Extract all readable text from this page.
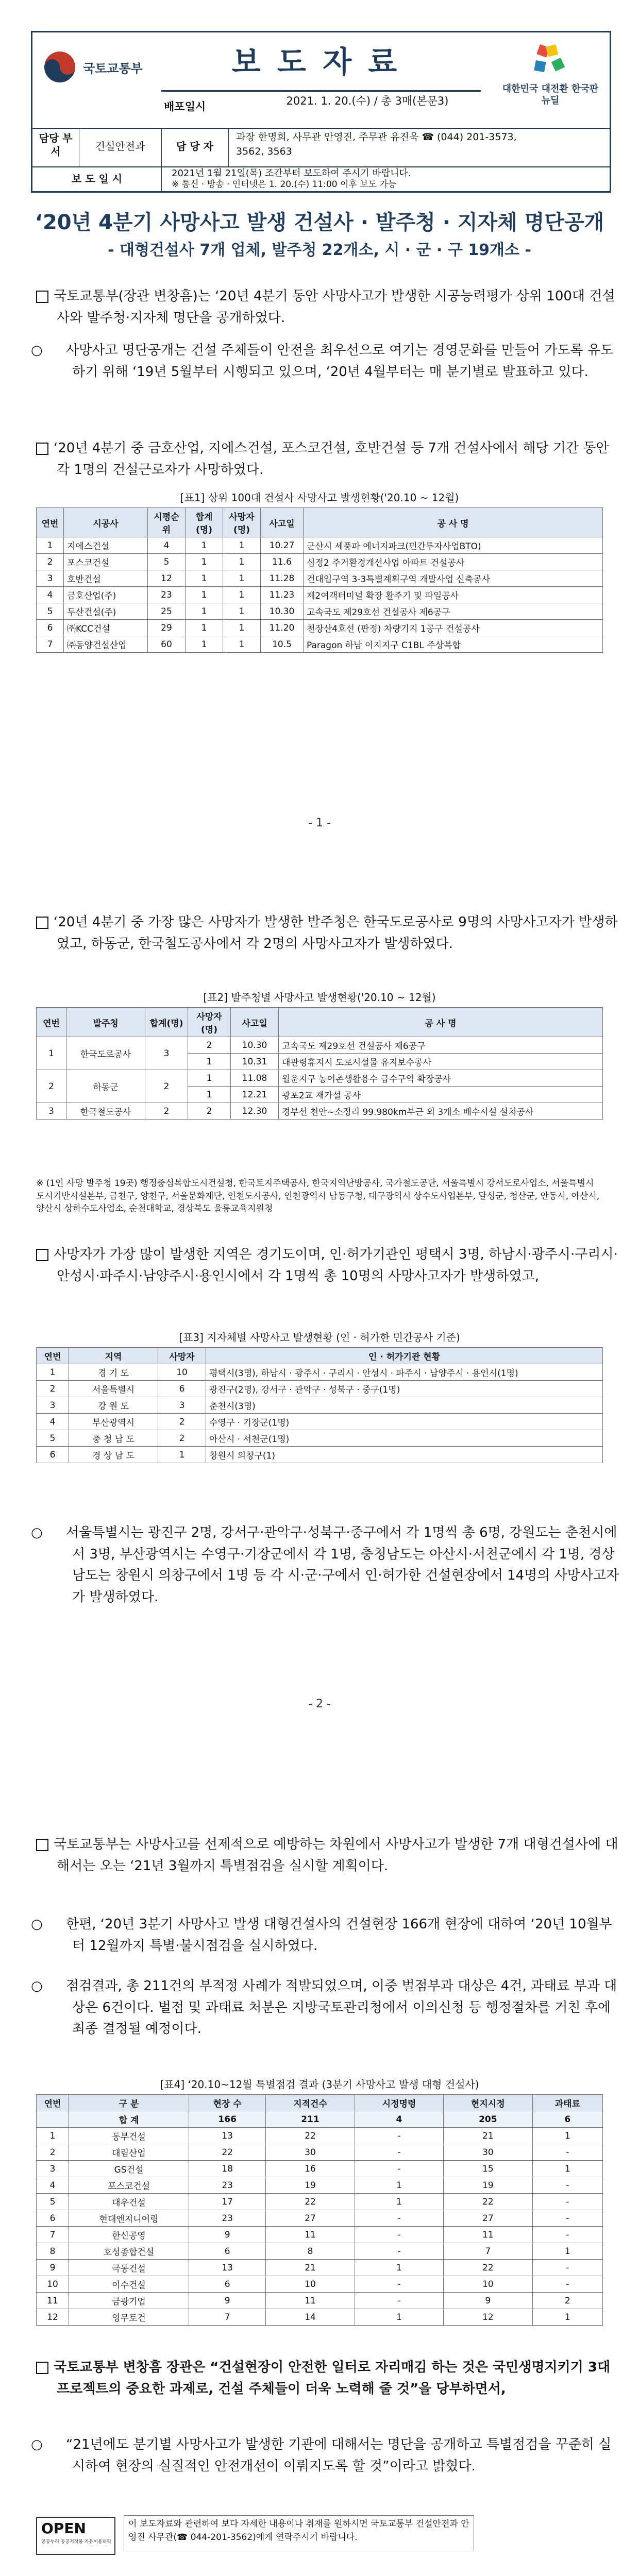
국토교통부	보 도 자 료
배포일시	2021. 1. 20.(수) / 총 3매(본문3)
대한민국 대전환 한국판뉴딜
담당 부서	건설안전과	담 당 자
과장 한명희, 사무관 안영진, 주무관 유진욱 ☎ (044) 201-3573, 3562, 3563
보 도 일 시	2021년 1월 21일(목) 조간부터 보도하여 주시기 바랍니다.
※ 통신 · 방송 · 인터넷은 1. 20.(수) 11:00 이후 보도 가능
‘20년 4분기 사망사고 발생 건설사 · 발주청 · 지자체 명단공개
- 대형건설사 7개 업체, 발주청 22개소, 시 · 군 · 구 19개소 -
국토교통부(장관 변창흠)는 ‘20년 4분기 동안 사망사고가 발생한 시공능력평가 상위 100대 건설사와 발주청·지자체 명단을 공개하였다.
○ 사망사고 명단공개는 건설 주체들이 안전을 최우선으로 여기는 경영문화를 만들어 가도록 유도하기 위해 ‘19년 5월부터 시행되고 있으며, ‘20년 4월부터는 매 분기별로 발표하고 있다.
‘20년 4분기 중 금호산업, 지에스건설, 포스코건설, 호반건설 등 7개 건설사에서 해당 기간 동안 각 1명의 건설근로자가 사망하였다.
[표1] 상위 100대 건설사 사망사고 발생현황('20.10 ~ 12월)
연번	시공사	시평순위	합계(명)	사망자(명)	사고일	공 사 명
1	지에스건설	4	1	1	10.27	군산시 세풍파 에너지파크(민간투자사업BTO)
2	포스코건설	5	1	1	11.6	심정2 주거환경개선사업 아파트 건설공사
3	호반건설	12	1	1	11.28	건대입구역 3-3특별계획구역 개발사업 신축공사
4	금호산업(주)	23	1	1	11.23	제2여객터미널 확장 활주기 및 파일공사
5	두산건설(주)	25	1	1	10.30	고속국도 제29호선 건설공사 제6공구
6	㈜KCC건설	29	1	1	11.20	천장산4호선 (판정) 차량기지 1공구 건설공사
7	㈜동양건설산업	60	1	1	10.5	Paragon 하남 이지지구 C1BL 주상복합
- 1 -
‘20년 4분기 중 가장 많은 사망자가 발생한 발주청은 한국도로공사로 9명의 사망사고자가 발생하였고, 하동군, 한국철도공사에서 각 2명의 사망사고자가 발생하였다.
[표2] 발주청별 사망사고 발생현황('20.10 ~ 12월)
연번	발주청	합계(명)	사망자(명)	사고일	공 사 명
1	한국도로공사	3	2	10.30	고속국도 제29호선 건설공사 제6공구
			1	10.31	대관령휴지시 도로시설물 유지보수공사
2	하동군	2	1	11.08	월운지구 농어촌생활용수 급수구역 확장공사
			1	12.21	광포2교 재가설 공사
3	한국철도공사	2	2	12.30	경부선 천안~소정리 99.980km부근 외 3개소 배수시설 설치공사
※ (1인 사망 발주청 19곳) 행정중심복합도시건설청, 한국토지주택공사, 한국지역난방공사, 국가철도공단, 서울특별시 강서도로사업소, 서울특별시 도시기반시설본부, 금천구, 양천구, 서울문화재단, 인천도시공사, 인천광역시 남동구청, 대구광역시 상수도사업본부, 달성군, 청산군, 안동시, 아산시, 양산시 상하수도사업소, 순천대학교, 경상북도 울릉교육지원청
사망자가 가장 많이 발생한 지역은 경기도이며, 인·허가기관인 평택시 3명, 하남시·광주시·구리시·안성시·파주시·남양주시·용인시에서 각 1명씩 총 10명의 사망사고자가 발생하였고,
[표3] 지자체별 사망사고 발생현황 (인 · 허가한 민간공사 기준)
연번	지역	사망자	인 · 허가기관 현황
1	경 기 도	10	평택시(3명), 하남시 · 광주시 · 구리시 · 안성시 · 파주시 · 남양주시 · 용인시(1명)
2	서울특별시	6	광진구(2명), 강서구 · 관악구 · 성북구 · 중구(1명)
3	강 원 도	3	춘천시(3명)
4	부산광역시	2	수영구 · 기장군(1명)
5	충 청 남 도	2	아산시 · 서천군(1명)
6	경 상 남 도	1	창원시 의창구(1)
○ 서울특별시는 광진구 2명, 강서구·관악구·성북구·중구에서 각 1명씩 총 6명, 강원도는 춘천시에서 3명, 부산광역시는 수영구·기장군에서 각 1명, 충청남도는 아산시·서천군에서 각 1명, 경상남도는 창원시 의창구에서 1명 등 각 시·군·구에서 인·허가한 건설현장에서 14명의 사망사고자가 발생하였다.
- 2 -
국토교통부는 사망사고를 선제적으로 예방하는 차원에서 사망사고가 발생한 7개 대형건설사에 대해서는 오는 ‘21년 3월까지 특별점검을 실시할 계획이다.
○ 한편, ‘20년 3분기 사망사고 발생 대형건설사의 건설현장 166개 현장에 대하여 ‘20년 10월부터 12월까지 특별·불시점검을 실시하였다.
○ 점검결과, 총 211건의 부적정 사례가 적발되었으며, 이중 벌점부과 대상은 4건, 과태료 부과 대상은 6건이다. 벌점 및 과태료 처분은 지방국토관리청에서 이의신청 등 행정절차를 거친 후에 최종 결정될 예정이다.
[표4] ‘20.10~12월 특별점검 결과 (3분기 사망사고 발생 대형 건설사)
연번	구 분	현장 수	지적건수	시정명령	현지시정	과태료
	합 계	166	211	4	205	6
1	동부건설	13	22	-	21	1
2	대림산업	22	30	-	30	-
3	GS건설	18	16	-	15	1
4	포스코건설	23	19	1	19	-
5	대우건설	17	22	1	22	-
6	현대엔지니어링	23	27	-	27	-
7	한신공영	9	11	-	11	-
8	호성종합건설	6	8	-	7	1
9	극동건설	13	21	1	22	-
10	이수건설	6	10	-	10	-
11	금광기업	9	11	-	9	2
12	영무토건	7	14	1	12	1
국토교통부 변창흠 장관은 “건설현장이 안전한 일터로 자리매김 하는 것은 국민생명지키기 3대 프로젝트의 중요한 과제로, 건설 주체들이 더욱 노력해 줄 것”을 당부하면서,
○ “21년에도 분기별 사망사고가 발생한 기관에 대해서는 명단을 공개하고 특별점검을 꾸준히 실시하여 현장의 실질적인 안전개선이 이뤄지도록 할 것”이라고 밝혔다.
OPEN
공공누리 공공저작물 자유이용허락
이 보도자료와 관련하여 보다 자세한 내용이나 취재를 원하시면 국토교통부 건설안전과 안영진 사무관(☎ 044-201-3562)에게 연락주시기 바랍니다.
